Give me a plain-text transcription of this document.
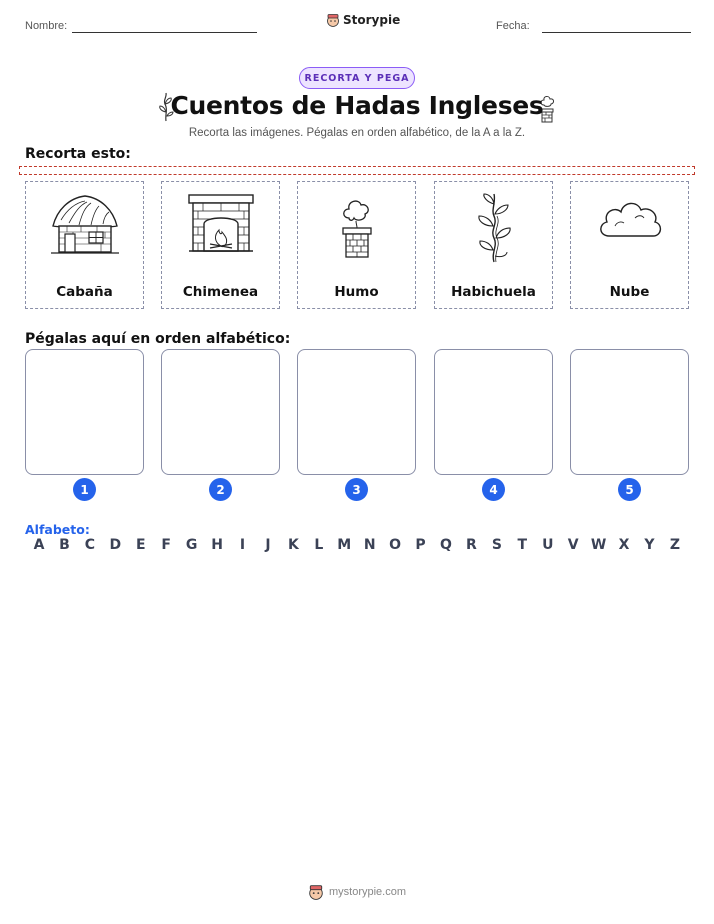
Nombre:	Storypie	Fecha:
RECORTA Y PEGA
Cuentos de Hadas Ingleses
Recorta las imágenes. Pégalas en orden alfabético, de la A a la Z.
Recorta esto:
Cabaña	Chimenea	Humo	Habichuela	Nube
Pégalas aquí en orden alfabético:
1	2	3	4	5
Alfabeto:
A B C D E F G H	I	J	K L M N O P Q R S T U V W X Y Z
mystorypie.com
